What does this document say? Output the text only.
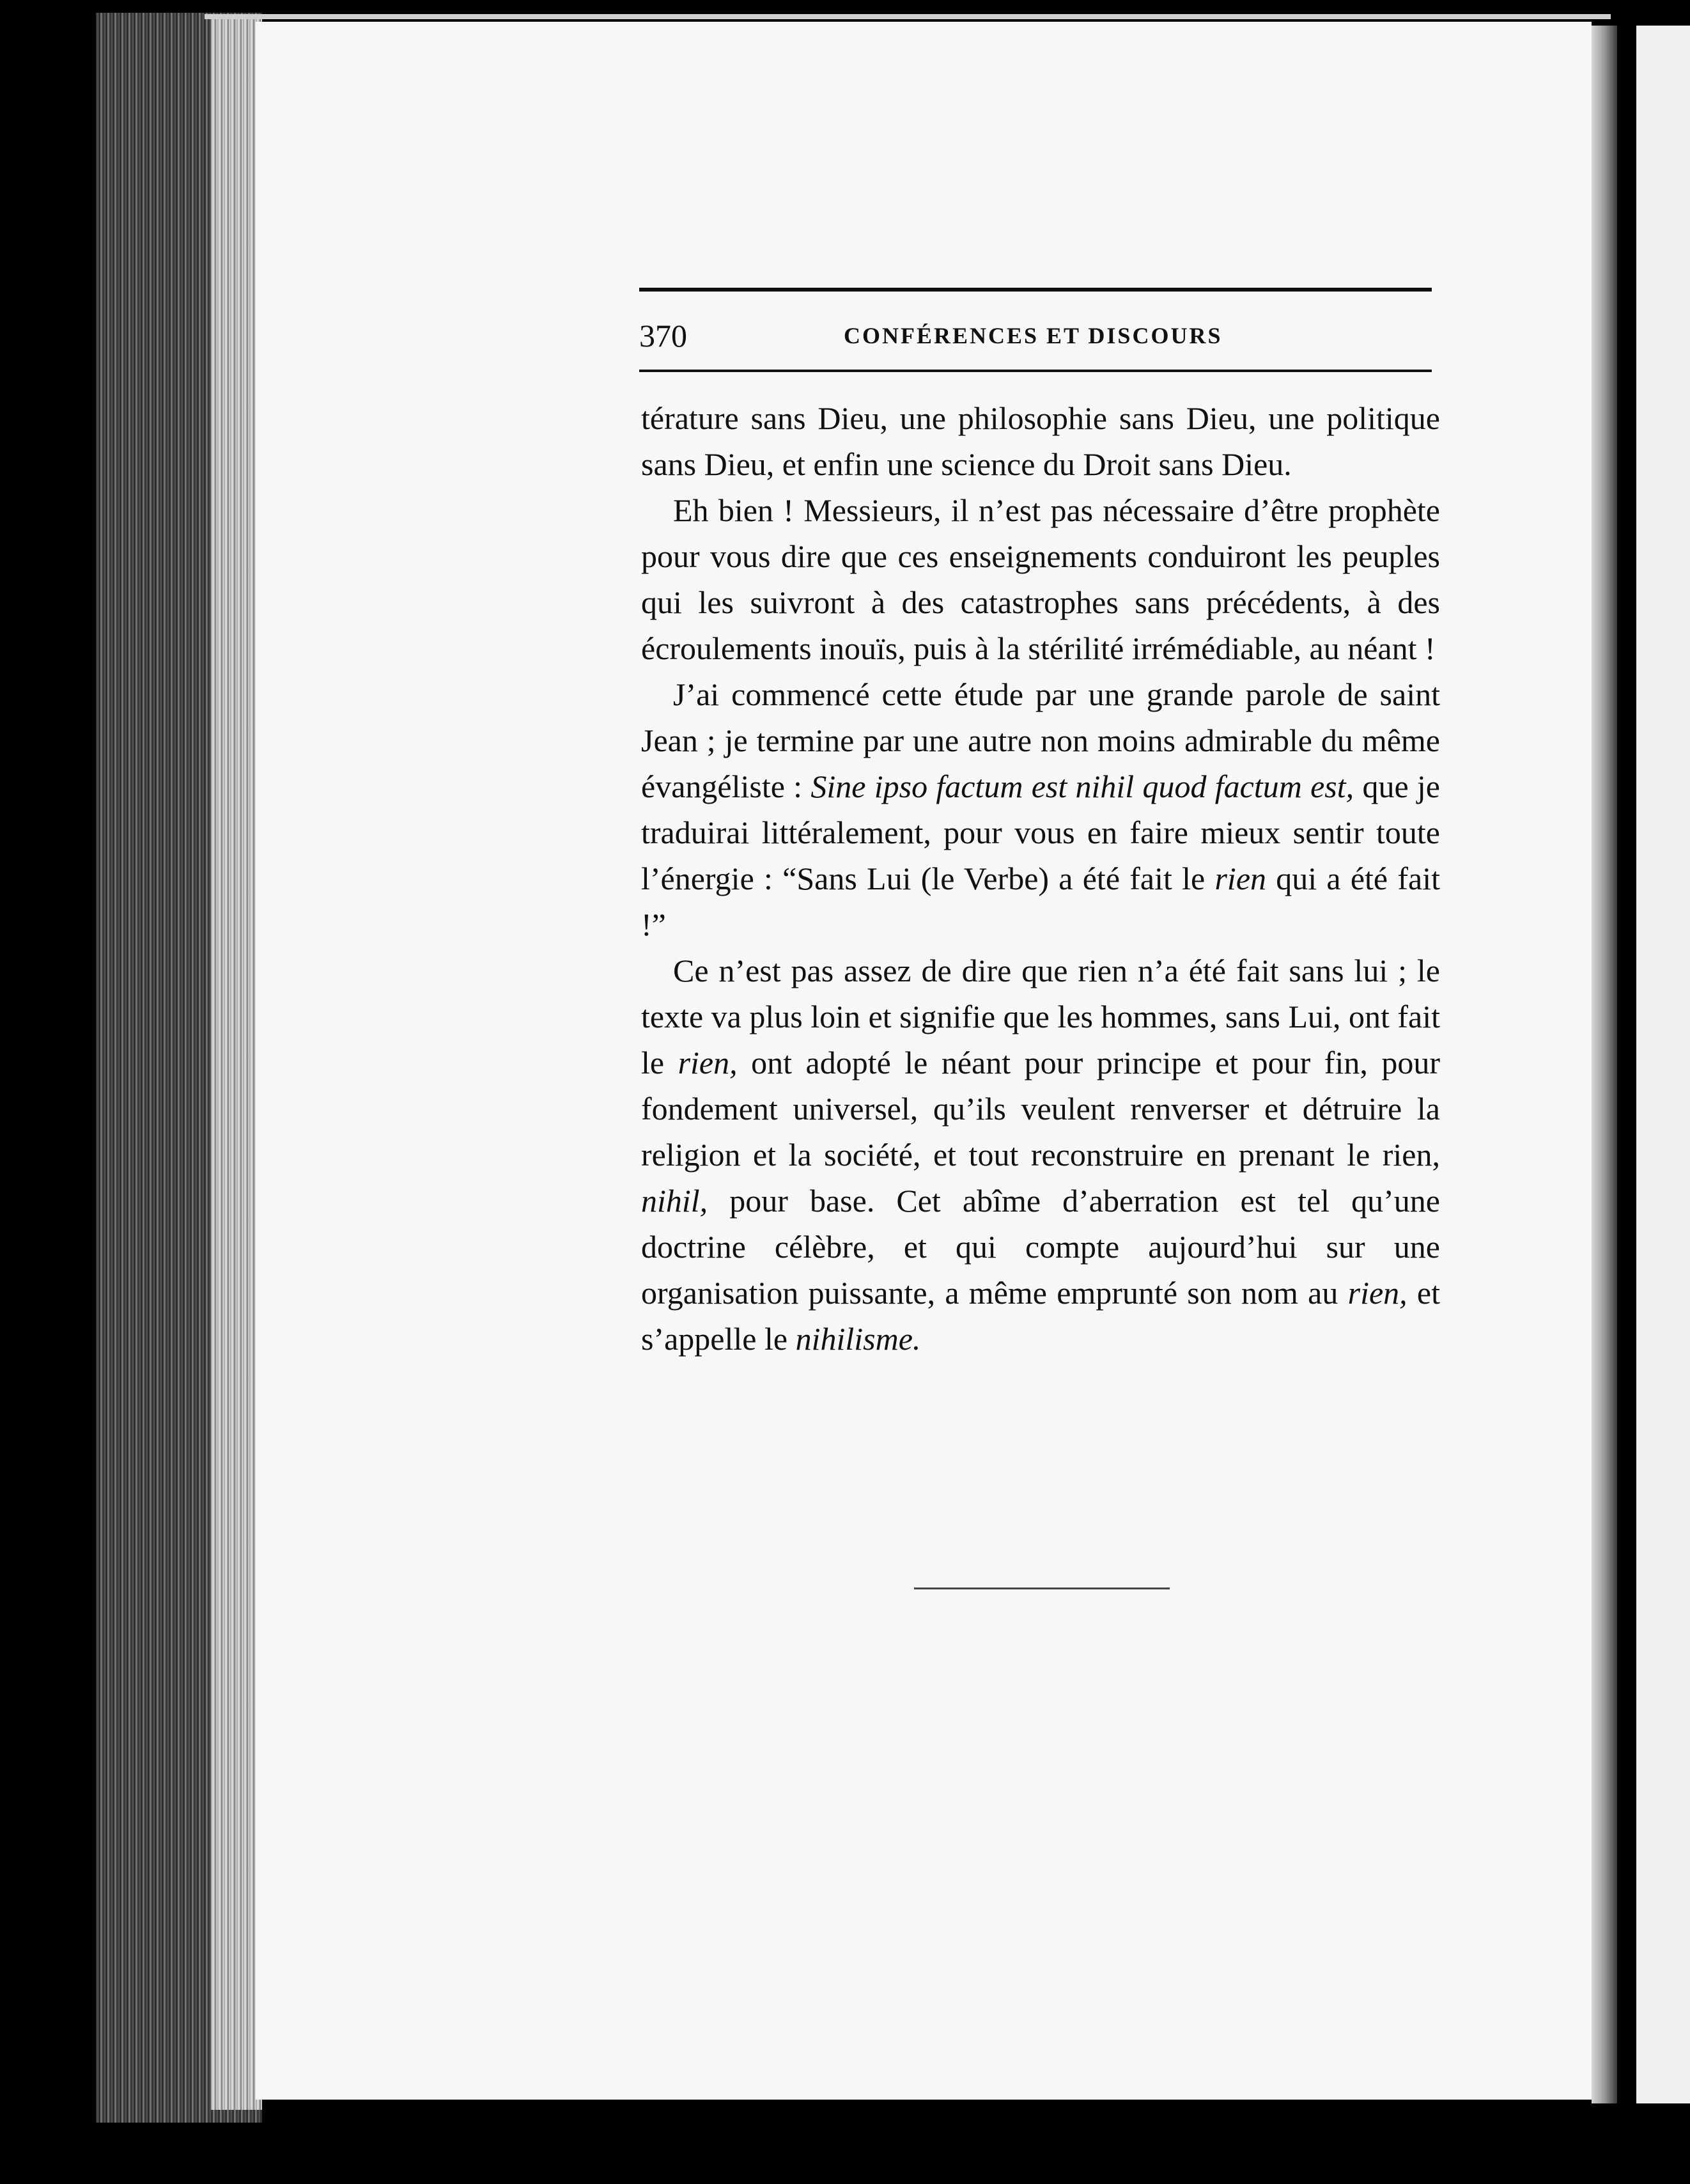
370	CONFÉRENCES ET DISCOURS

térature sans Dieu, une philosophie sans Dieu, une politique sans Dieu, et enfin une science du Droit sans Dieu.

Eh bien ! Messieurs, il n’est pas nécessaire d’être prophète pour vous dire que ces enseignements conduiront les peuples qui les suivront à des catastrophes sans précédents, à des écroulements inouïs, puis à la stérilité irrémédiable, au néant !

J’ai commencé cette étude par une grande parole de saint Jean ; je termine par une autre non moins admirable du même évangéliste : Sine ipso factum est nihil quod factum est, que je traduirai littéralement, pour vous en faire mieux sentir toute l’énergie : “Sans Lui (le Verbe) a été fait le rien qui a été fait !”

Ce n’est pas assez de dire que rien n’a été fait sans lui ; le texte va plus loin et signifie que les hommes, sans Lui, ont fait le rien, ont adopté le néant pour principe et pour fin, pour fondement universel, qu’ils veulent renverser et détruire la religion et la société, et tout reconstruire en prenant le rien, nihil, pour base. Cet abîme d’aberration est tel qu’une doctrine célèbre, et qui compte aujourd’hui sur une organisation puissante, a même emprunté son nom au rien, et s’appelle le nihilisme.
